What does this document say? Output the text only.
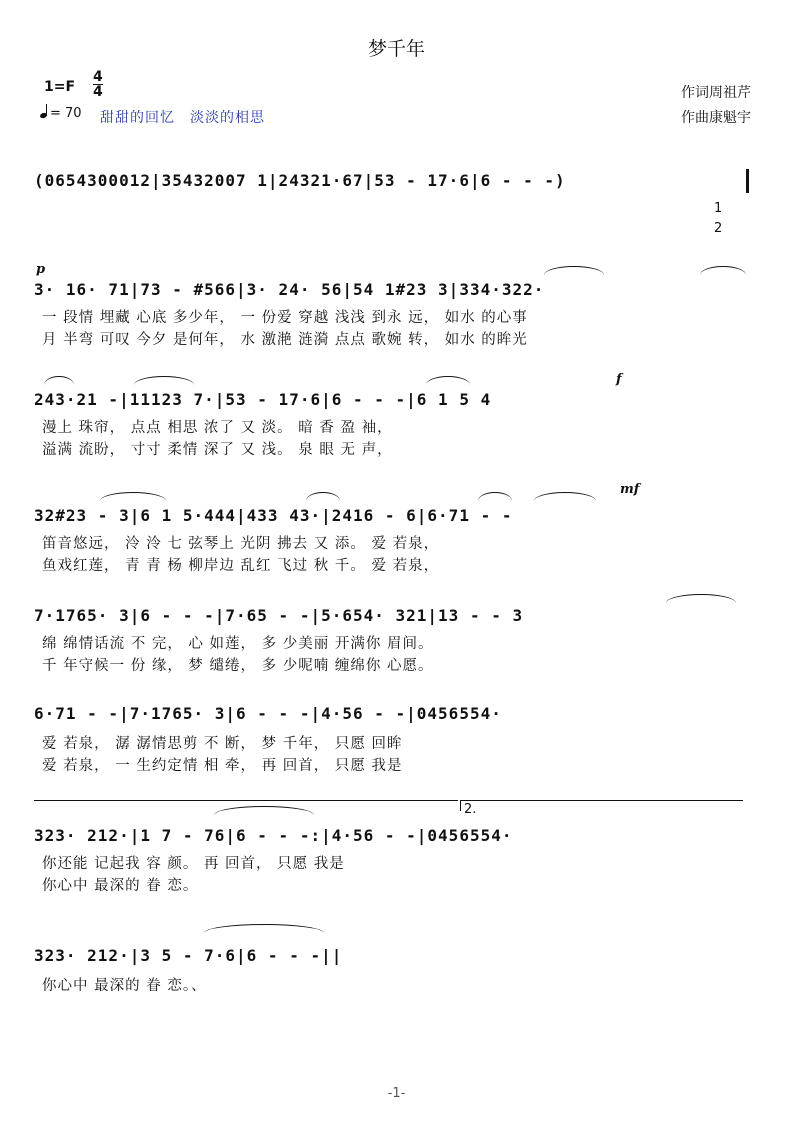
梦千年
1=F
4
4
= 70 甜甜的回忆　淡淡的相思
作词周祖芹
作曲康魁宇
(0654300012|35432007 1|24321·67|53 - 17·6|6 - - -)
1
2
p
3· 16· 71|73 - #566|3· 24· 56|54 1#23 3|334·322·
一 段情 埋藏 心底 多少年， 一 份爱 穿越 浅浅 到永 远， 如水 的心事
月 半弯 可叹 今夕 是何年， 水 激滟 涟漪 点点 歌婉 转， 如水 的眸光
f
243·21 -|11123 7·|53 - 17·6|6 - - -|6 1 5 4
漫上 珠帘， 点点 相思 浓了 又 淡。 暗 香 盈 袖，
溢满 流盼， 寸寸 柔情 深了 又 浅。 泉 眼 无 声，
mf
32#23 - 3|6 1 5·444|433 43·|2416 - 6|6·71 - -
笛音悠远， 泠 泠 七 弦琴上 光阴 拂去 又 添。 爱 若泉，
鱼戏红莲， 青 青 杨 柳岸边 乱红 飞过 秋 千。 爱 若泉，
7·1765· 3|6 - - -|7·65 - -|5·654· 321|13 - - 3
绵 绵情话流 不 完， 心 如莲， 多 少美丽 开满你 眉间。
千 年守候一 份 缘， 梦 缱绻， 多 少呢喃 缠绵你 心愿。
6·71 - -|7·1765· 3|6 - - -|4·56 - -|0456554·
爱 若泉， 潺 潺情思剪 不 断， 梦 千年， 只愿 回眸
爱 若泉， 一 生约定情 相 牵， 再 回首， 只愿 我是
2.
323· 212·|1 7 - 76|6 - - -:|4·56 - -|0456554·
你还能 记起我 容 颜。 再 回首， 只愿 我是
你心中 最深的 眷 恋。
323· 212·|3 5 - 7·6|6 - - -||
你心中 最深的 眷 恋。、
-1-
